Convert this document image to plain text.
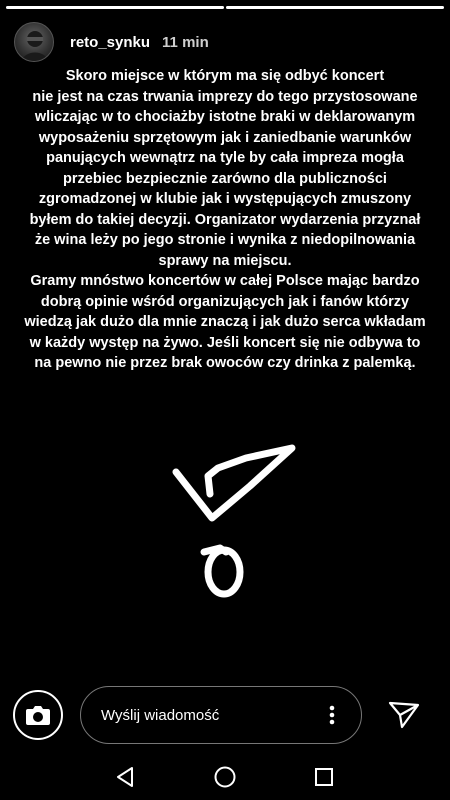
reto_synku 11 min

Skoro miejsce w którym ma się odbyć koncert

nie jest na czas trwania imprezy do tego przystosowane

wliczając w to chociażby istotne braki w deklarowanym

wyposażeniu sprzętowym jak i zaniedbanie warunków

panujących wewnątrz na tyle by cała impreza mogła

przebiec bezpiecznie zarówno dla publiczności

zgromadzonej w klubie jak i występujących zmuszony

byłem do takiej decyzji. Organizator wydarzenia przyznał

że wina leży po jego stronie i wynika z niedopilnowania

sprawy na miejscu.

Gramy mnóstwo koncertów w całej Polsce mając bardzo

dobrą opinie wśród organizujących jak i fanów którzy

wiedzą jak dużo dla mnie znaczą i jak dużo serca wkładam

w każdy występ na żywo. Jeśli koncert się nie odbywa to

na pewno nie przez brak owoców czy drinka z palemką.

Wyślij wiadomość
